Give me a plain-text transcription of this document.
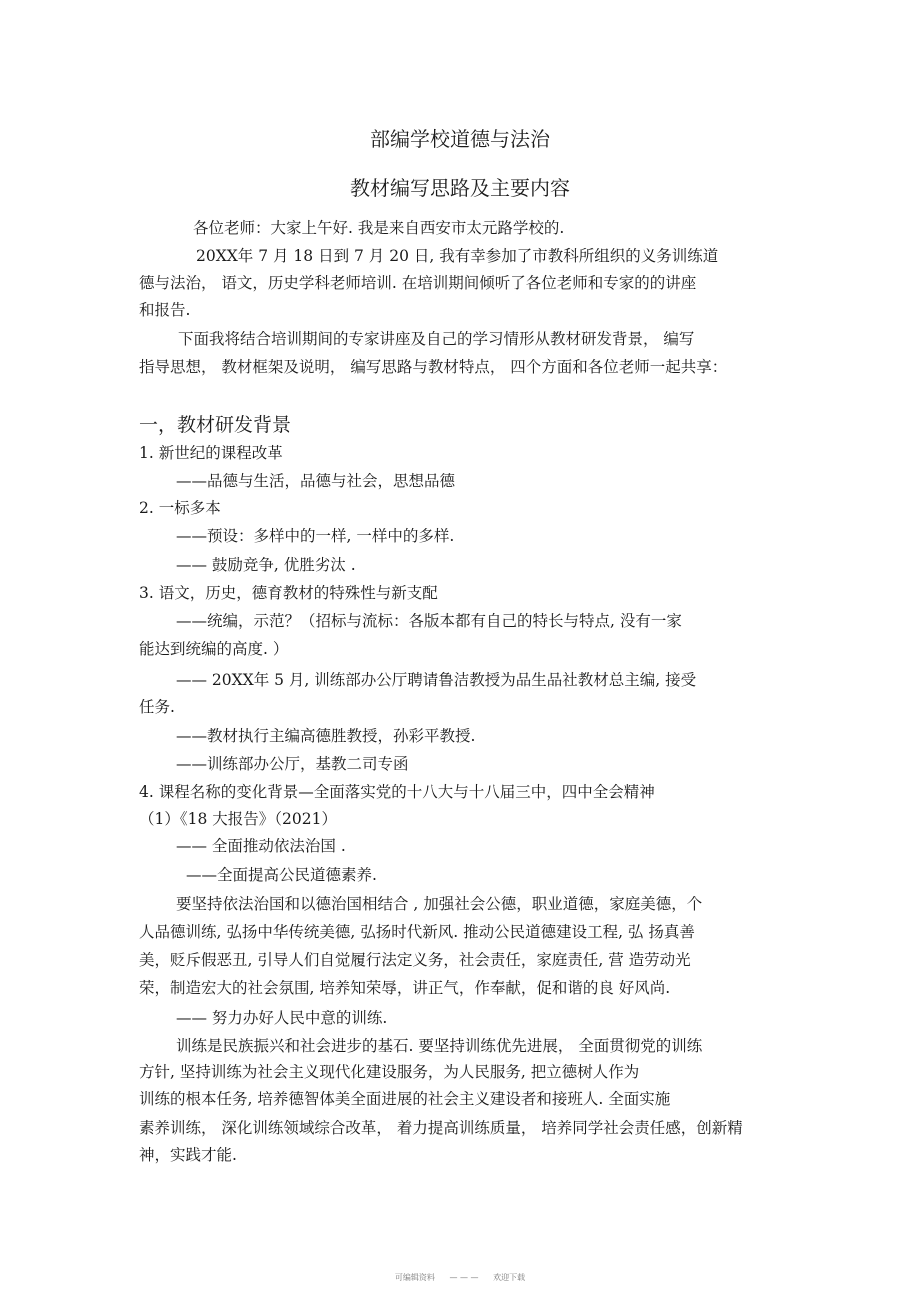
部编学校道德与法治
教材编写思路及主要内容
各位老师：大家上午好. 我是来自西安市太元路学校的.
20XX年 7 月 18 日到 7 月 20 日, 我有幸参加了市教科所组织的义务训练道
德与法治， 语文，历史学科老师培训. 在培训期间倾听了各位老师和专家的的讲座
和报告.
下面我将结合培训期间的专家讲座及自己的学习情形从教材研发背景， 编写
指导思想， 教材框架及说明， 编写思路与教材特点， 四个方面和各位老师一起共享：
一，教材研发背景
1. 新世纪的课程改革
——品德与生活，品德与社会，思想品德
2. 一标多本
——预设：多样中的一样, 一样中的多样.
—— 鼓励竞争, 优胜劣汰 .
3. 语文，历史，德育教材的特殊性与新支配
——统编，示范？（招标与流标：各版本都有自己的特长与特点, 没有一家
能达到统编的高度. ）
—— 20XX年 5 月, 训练部办公厅聘请鲁洁教授为品生品社教材总主编, 接受
任务.
——教材执行主编高德胜教授，孙彩平教授.
——训练部办公厅，基教二司专函
4. 课程名称的变化背景—全面落实党的十八大与十八届三中，四中全会精神
（1）《18 大报告》（2021）
—— 全面推动依法治国 .
——全面提高公民道德素养.
要坚持依法治国和以德治国相结合 , 加强社会公德，职业道德，家庭美德，个
人品德训练, 弘扬中华传统美德, 弘扬时代新风. 推动公民道德建设工程, 弘 扬真善
美，贬斥假恶丑, 引导人们自觉履行法定义务，社会责任，家庭责任, 营 造劳动光
荣，制造宏大的社会氛围, 培养知荣辱，讲正气，作奉献，促和谐的良 好风尚.
—— 努力办好人民中意的训练.
训练是民族振兴和社会进步的基石. 要坚持训练优先进展， 全面贯彻党的训练
方针, 坚持训练为社会主义现代化建设服务，为人民服务, 把立德树人作为
训练的根本任务, 培养德智体美全面进展的社会主义建设者和接班人. 全面实施
素养训练， 深化训练领域综合改革， 着力提高训练质量， 培养同学社会责任感，创新精
神，实践才能.
可编辑资料 — — — 欢迎下载
